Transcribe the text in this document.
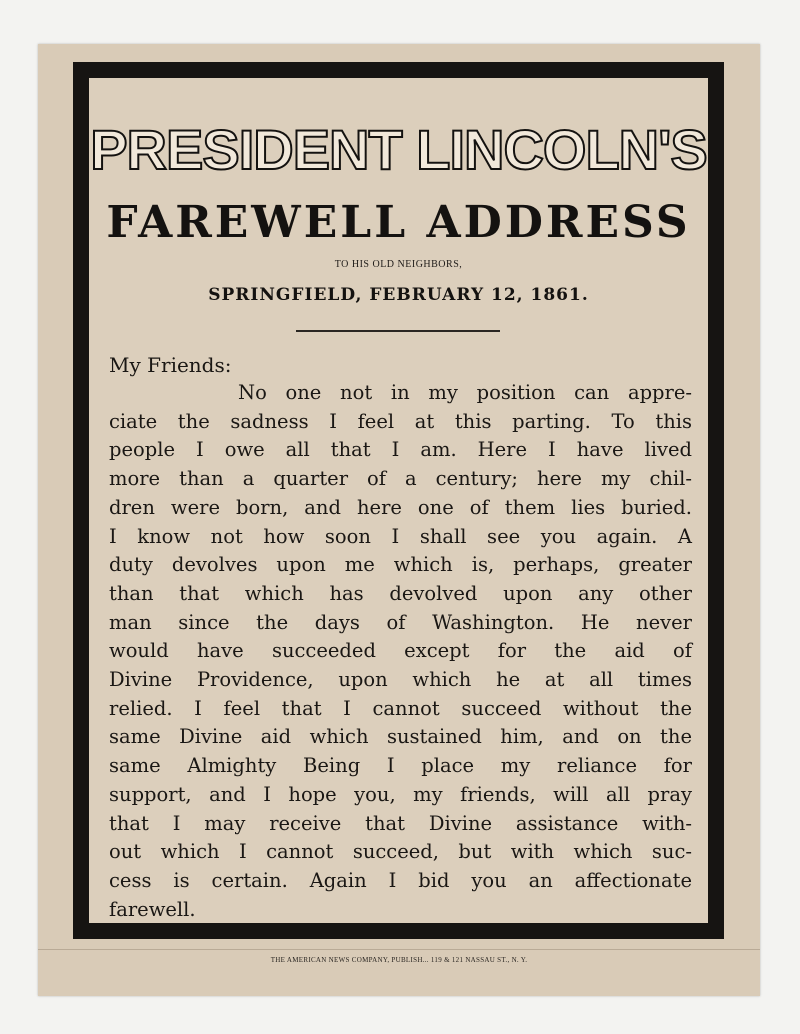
PRESIDENT LINCOLN'S
FAREWELL ADDRESS
TO HIS OLD NEIGHBORS,
SPRINGFIELD, FEBRUARY 12, 1861.
My Friends:
No one not in my position can appre-
ciate the sadness I feel at this parting. To this
people I owe all that I am. Here I have lived
more than a quarter of a century; here my chil-
dren were born, and here one of them lies buried.
I know not how soon I shall see you again. A
duty devolves upon me which is, perhaps, greater
than that which has devolved upon any other
man since the days of Washington. He never
would have succeeded except for the aid of
Divine Providence, upon which he at all times
relied. I feel that I cannot succeed without the
same Divine aid which sustained him, and on the
same Almighty Being I place my reliance for
support, and I hope you, my friends, will all pray
that I may receive that Divine assistance with-
out which I cannot succeed, but with which suc-
cess is certain. Again I bid you an affectionate
farewell.
THE AMERICAN NEWS COMPANY, PUBLISH... 119 & 121 NASSAU ST., N. Y.
